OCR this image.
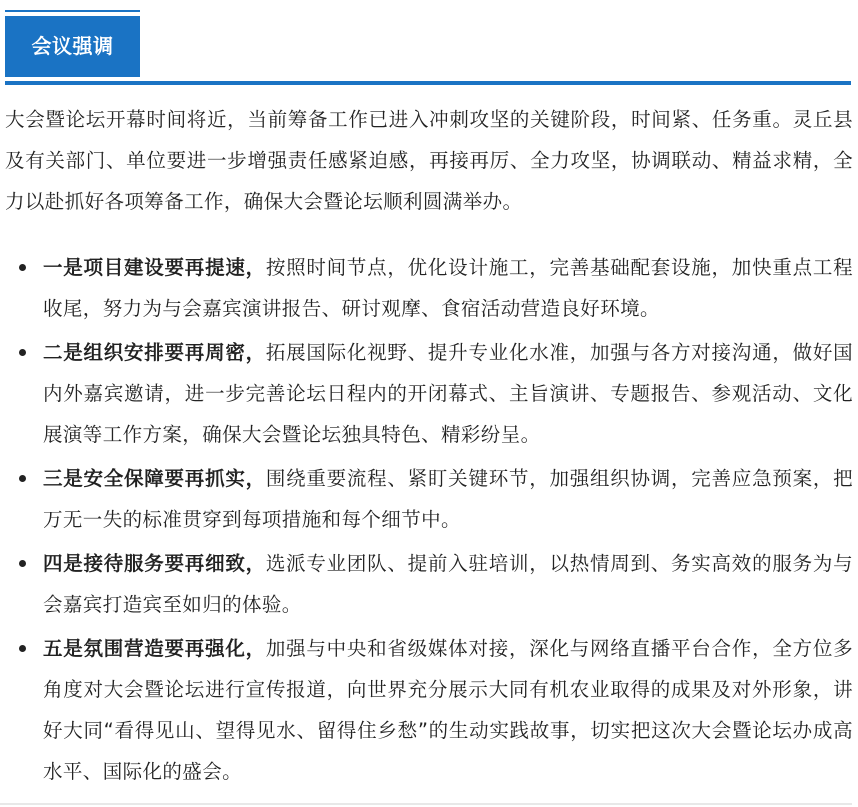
会议强调

大会暨论坛开幕时间将近，当前筹备工作已进入冲刺攻坚的关键阶段，时间紧、任务重。灵丘县及有关部门、单位要进一步增强责任感紧迫感，再接再厉、全力攻坚，协调联动、精益求精，全力以赴抓好各项筹备工作，确保大会暨论坛顺利圆满举办。

一是项目建设要再提速，按照时间节点，优化设计施工，完善基础配套设施，加快重点工程收尾，努力为与会嘉宾演讲报告、研讨观摩、食宿活动营造良好环境。
二是组织安排要再周密，拓展国际化视野、提升专业化水准，加强与各方对接沟通，做好国内外嘉宾邀请，进一步完善论坛日程内的开闭幕式、主旨演讲、专题报告、参观活动、文化展演等工作方案，确保大会暨论坛独具特色、精彩纷呈。
三是安全保障要再抓实，围绕重要流程、紧盯关键环节，加强组织协调，完善应急预案，把万无一失的标准贯穿到每项措施和每个细节中。
四是接待服务要再细致，选派专业团队、提前入驻培训，以热情周到、务实高效的服务为与会嘉宾打造宾至如归的体验。
五是氛围营造要再强化，加强与中央和省级媒体对接，深化与网络直播平台合作，全方位多角度对大会暨论坛进行宣传报道，向世界充分展示大同有机农业取得的成果及对外形象，讲好大同“看得见山、望得见水、留得住乡愁”的生动实践故事，切实把这次大会暨论坛办成高水平、国际化的盛会。
